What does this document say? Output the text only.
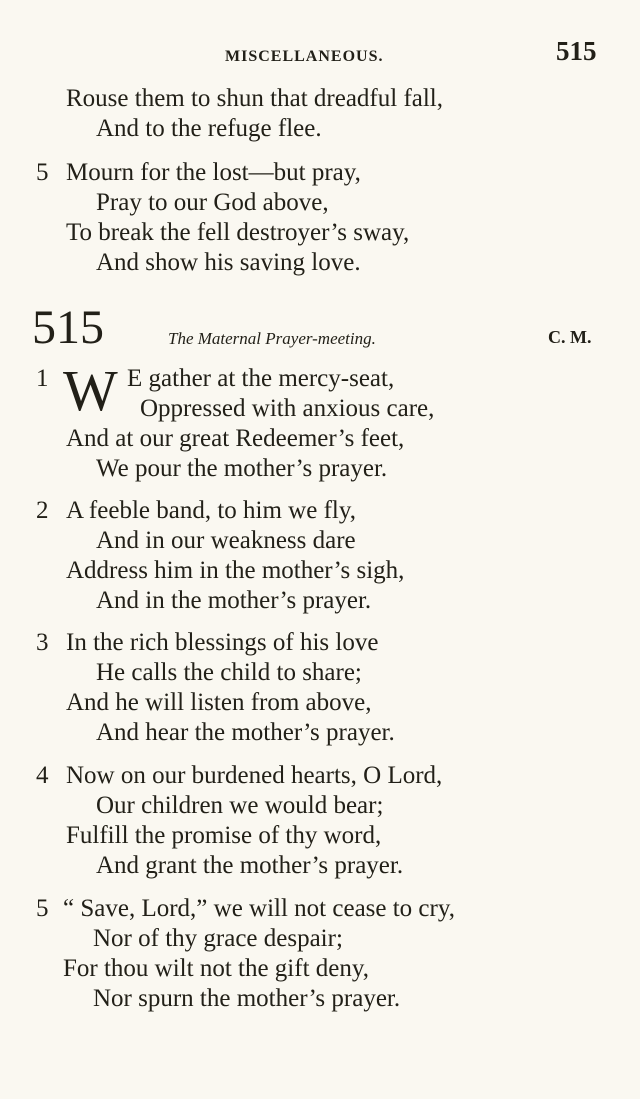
MISCELLANEOUS.	515
Rouse them to shun that dreadful fall,
And to the refuge flee.
5 Mourn for the lost—but pray,
Pray to our God above,
To break the fell destroyer’s sway,
And show his saving love.
515	The Maternal Prayer-meeting.	C. M.
1 W E gather at the mercy-seat,
Oppressed with anxious care,
And at our great Redeemer’s feet,
We pour the mother’s prayer.
2 A feeble band, to him we fly,
And in our weakness dare
Address him in the mother’s sigh,
And in the mother’s prayer.
3 In the rich blessings of his love
He calls the child to share;
And he will listen from above,
And hear the mother’s prayer.
4 Now on our burdened hearts, O Lord,
Our children we would bear;
Fulfill the promise of thy word,
And grant the mother’s prayer.
5 “ Save, Lord,” we will not cease to cry,
Nor of thy grace despair;
For thou wilt not the gift deny,
Nor spurn the mother’s prayer.
